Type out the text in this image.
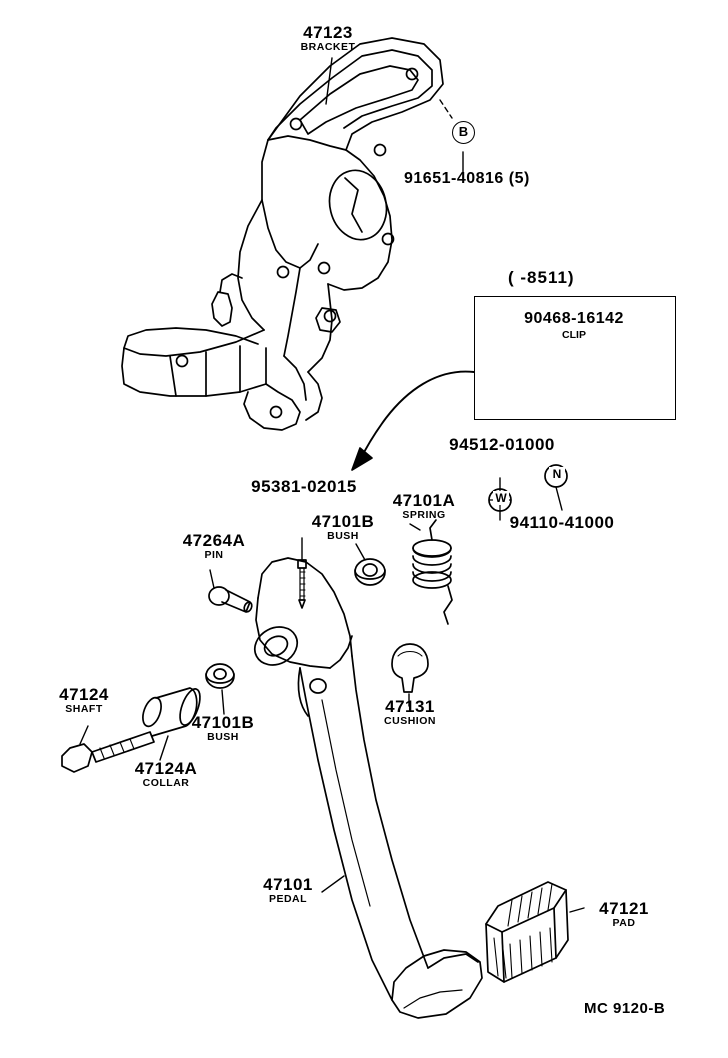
( -8511)
90468-16142
CLIP
B
91651-40816 (5)
47123
BRACKET
95381-02015
47101A
SPRING
94512-01000
94110-41000
47101B
BUSH
47264A
PIN
47124
SHAFT
47124A
COLLAR
47101B
BUSH
47131
CUSHION
47101
PEDAL	47121
PAD
W
N
MC 9120-B
